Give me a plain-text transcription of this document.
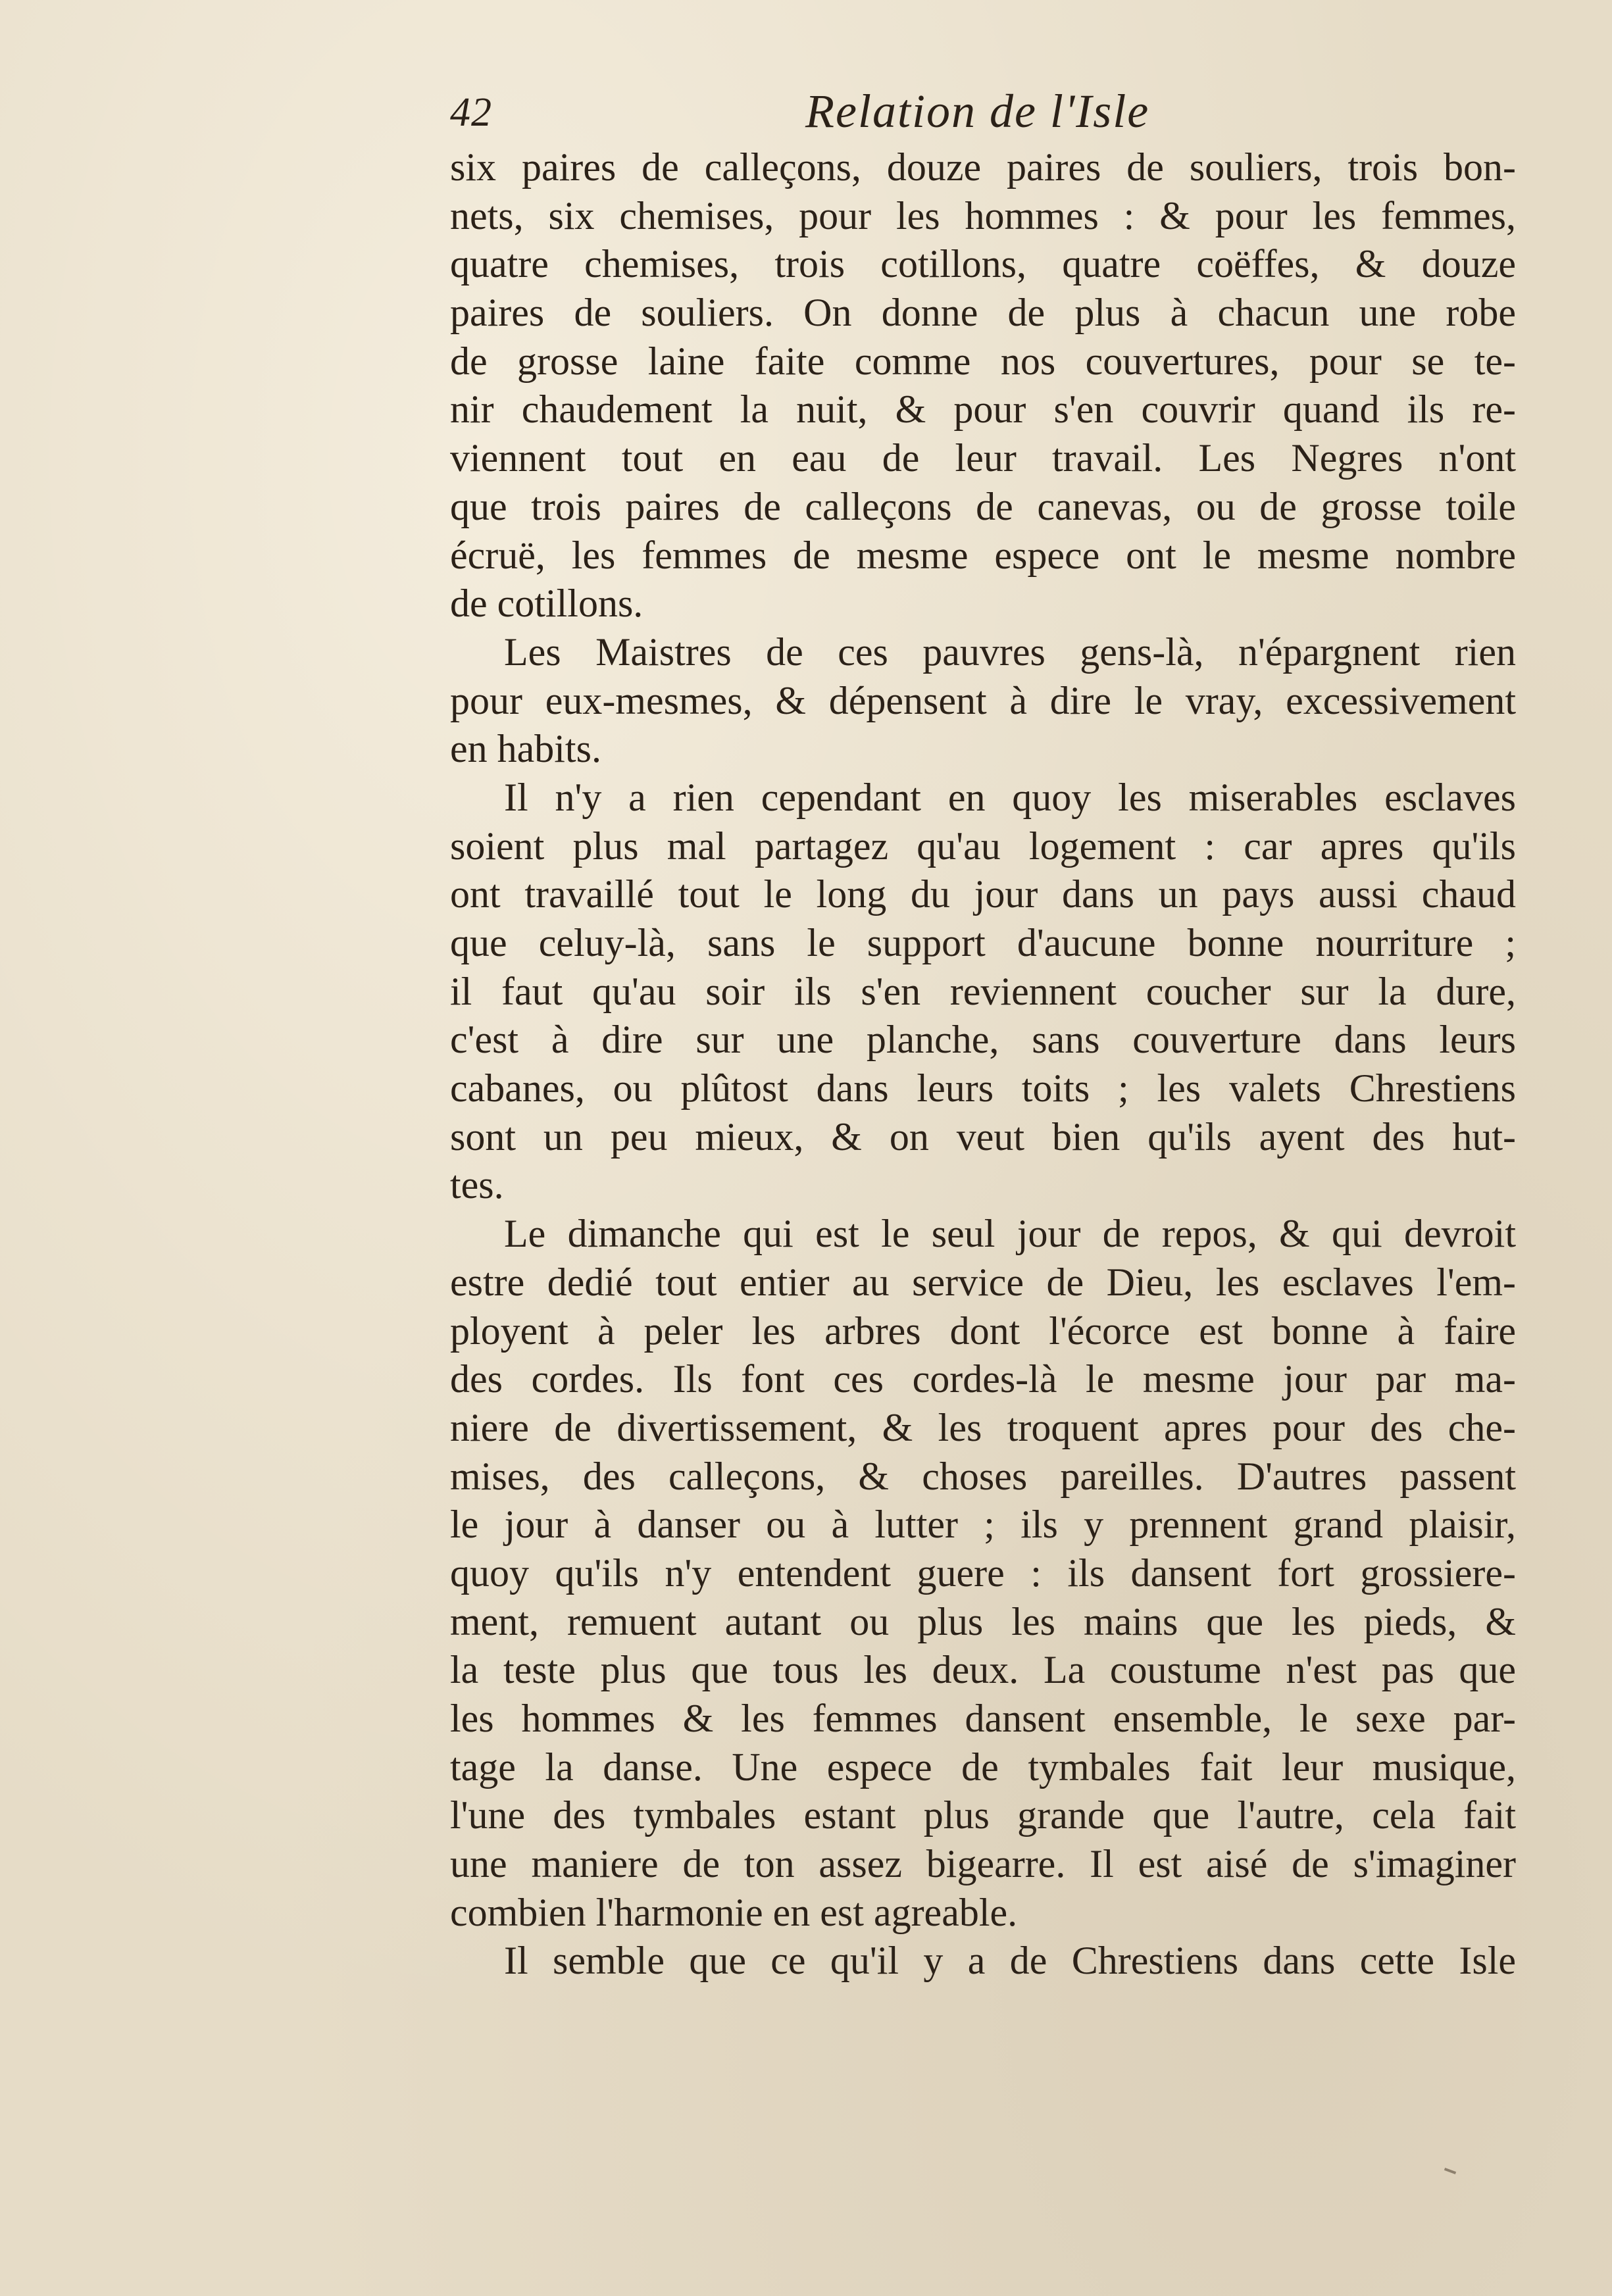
42	Relation de l'Isle
six paires de calleçons, douze paires de souliers, trois bon-
nets, six chemises, pour les hommes : & pour les femmes,
quatre chemises, trois cotillons, quatre coëffes, & douze
paires de souliers. On donne de plus à chacun une robe
de grosse laine faite comme nos couvertures, pour se te-
nir chaudement la nuit, & pour s'en couvrir quand ils re-
viennent tout en eau de leur travail. Les Negres n'ont
que trois paires de calleçons de canevas, ou de grosse toile
écruë, les femmes de mesme espece ont le mesme nombre
de cotillons.
Les Maistres de ces pauvres gens-là, n'épargnent rien
pour eux-mesmes, & dépensent à dire le vray, excessivement
en habits.
Il n'y a rien cependant en quoy les miserables esclaves
soient plus mal partagez qu'au logement : car apres qu'ils
ont travaillé tout le long du jour dans un pays aussi chaud
que celuy-là, sans le support d'aucune bonne nourriture ;
il faut qu'au soir ils s'en reviennent coucher sur la dure,
c'est à dire sur une planche, sans couverture dans leurs
cabanes, ou plûtost dans leurs toits ; les valets Chrestiens
sont un peu mieux, & on veut bien qu'ils ayent des hut-
tes.
Le dimanche qui est le seul jour de repos, & qui devroit
estre dedié tout entier au service de Dieu, les esclaves l'em-
ployent à peler les arbres dont l'écorce est bonne à faire
des cordes. Ils font ces cordes-là le mesme jour par ma-
niere de divertissement, & les troquent apres pour des che-
mises, des calleçons, & choses pareilles. D'autres passent
le jour à danser ou à lutter ; ils y prennent grand plaisir,
quoy qu'ils n'y entendent guere : ils dansent fort grossiere-
ment, remuent autant ou plus les mains que les pieds, &
la teste plus que tous les deux. La coustume n'est pas que
les hommes & les femmes dansent ensemble, le sexe par-
tage la danse. Une espece de tymbales fait leur musique,
l'une des tymbales estant plus grande que l'autre, cela fait
une maniere de ton assez bigearre. Il est aisé de s'imaginer
combien l'harmonie en est agreable.
Il semble que ce qu'il y a de Chrestiens dans cette Isle
